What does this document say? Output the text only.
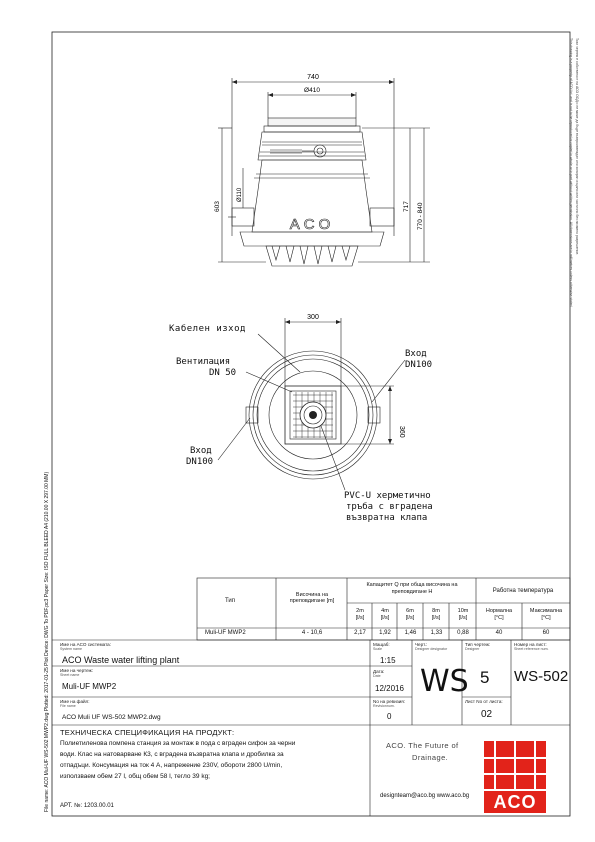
File name: ACO Mul-UF WS-502 MWP2.dwg Plotted: 2017-01-25 Plot Device: DWG To PDF.pc3 Paper Size: ISO FULL BLEED A4 (210.00 X 297.00 MM)
This drawing is a property of ACO Ltd. and is not to be reproduced or copied in whole or in part without written permission. All dimensions are in millimetres unless otherwise stated. Този чертеж е собственост на АСО ООД и не може да бъде възпроизвеждан или копиран изцяло или частично без писмено разрешение.
740
Ø410
Ø110
603	717 770 - 840
ACO
300
360
Кабелен изход
Вентилация
DN 50
Вход
DN100
Вход
DN100
PVC-U херметично
тръба с вградена
възвратна клапа
Тип
Височина на преповдигане [m]
Капацитет Q при обща височина на преповдигане H	Работна температура
2m
[l/s]
4m
[l/s]
6m
[l/s]
8m
[l/s]
10m
[l/s]
Нормална
[°C]
Максимална
[°C]
Muli-UF MWP2	4 - 10,6	2,17	1,92	1,46	1,33	0,88	40	60
Име на АСО системата:
System name
ACO Waste water lifting plant
Мащаб:
Scale
1:15
Черт.:
Designer designator
WS
Тип чертеж:
Designer
5
Номер на лист:
Sheet reference num.
WS-502
Име на чертеж:
Sheet name
Muli-UF MWP2
Дата:
Date
12/2016
Име на файл:
File name
ACO Muli UF WS-502 MWP2.dwg
No на ревизия:
Revisionnum.
0
Лист No от листа:
02
ТЕХНИЧЕСКА СПЕЦИФИКАЦИЯ НА ПРОДУКТ:
Полиетиленова помпена станция за монтаж в подa с вграден сифон за черни
води. Клас на натоварване К3, с вградена възвратна клапа и дробилка за
отпадъци. Консумация на ток 4 А, напрежение 230V, обороти 2800 U/min,
използваем обем 27 l, общ обем 58 l, тегло 39 kg;
АРТ. №: 1203.00.01
ACO. The Future of
Drainage.
designteam@aco.bg www.aco.bg	ACO
